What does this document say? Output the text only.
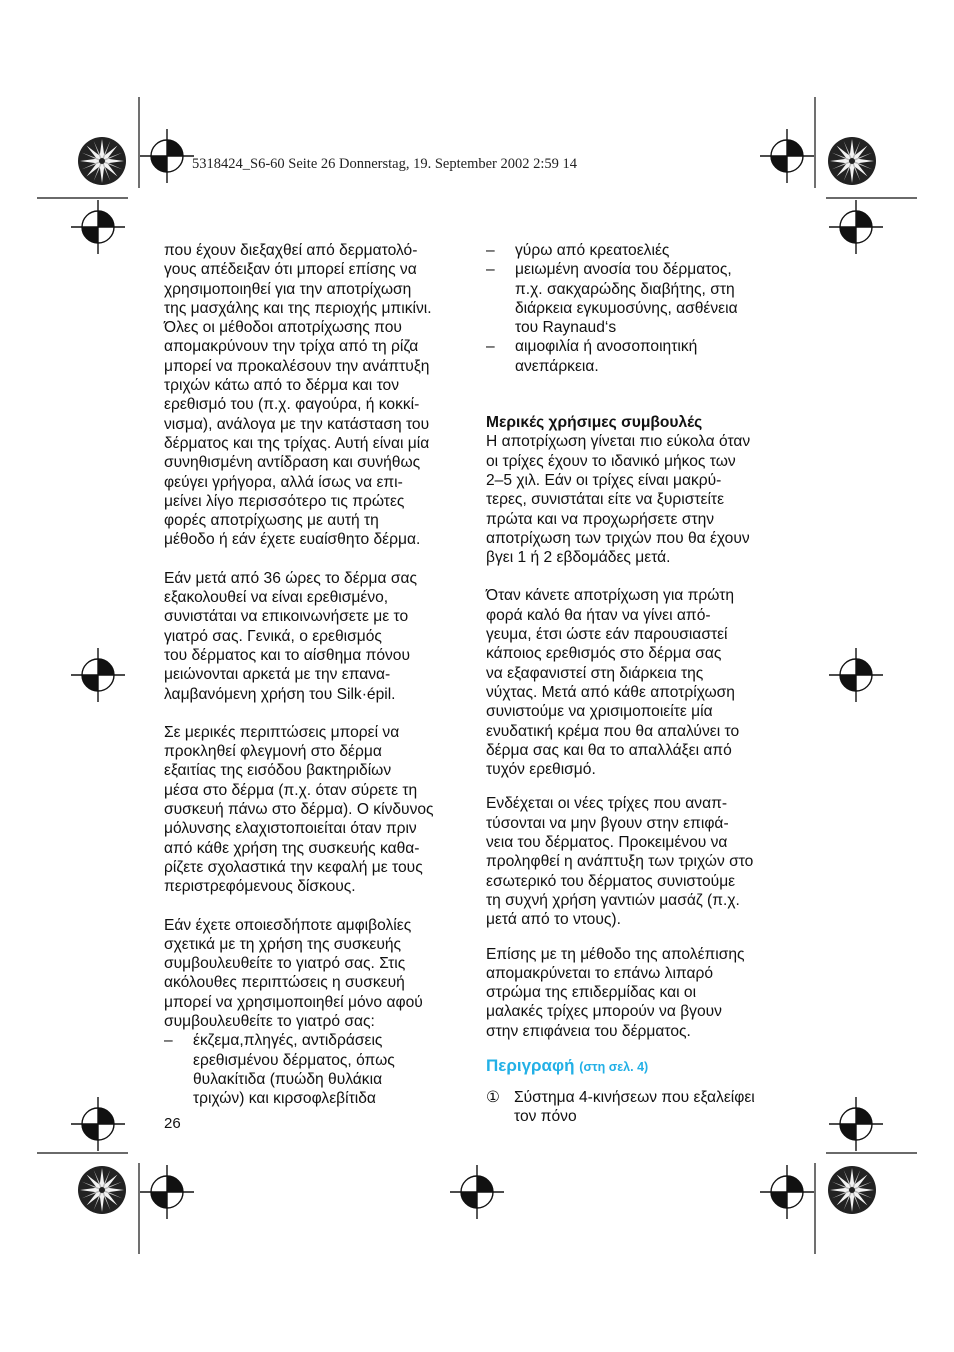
5318424_S6-60 Seite 26 Donnerstag, 19. September 2002 2:59 14

που έχουν διεξαχθεί από δερματολό-
γους απέδειξαν ότι μπορεί επίσης να
χρησιμοποιηθεί για την αποτρίχωση
της μασχάλης και της περιοχής μπικίνι.
Όλες οι μέθοδοι αποτρίχωσης που
απομακρύνουν την τρίχα από τη ρίζα
μπορεί να προκαλέσουν την ανάπτυξη
τριχών κάτω από το δέρμα και τον
ερεθισμό του (π.χ. φαγούρα, ή κοκκί-
νισμα), ανάλογα με την κατάσταση του
δέρματος και της τρίχας. Αυτή είναι μία
συνηθισμένη αντίδραση και συνήθως
φεύγει γρήγορα, αλλά ίσως να επι-
μείνει λίγο περισσότερο τις πρώτες
φορές αποτρίχωσης με αυτή τη
μέθοδο ή εάν έχετε ευαίσθητο δέρμα.

Εάν μετά από 36 ώρες το δέρμα σας
εξακολουθεί να είναι ερεθισμένο,
συνιστάται να επικοινωνήσετε με το
γιατρό σας. Γενικά, ο ερεθισμός
του δέρματος και το αίσθημα πόνου
μειώνονται αρκετά με την επανα-
λαμβανόμενη χρήση του Silk·épil.

Σε μερικές περιπτώσεις μπορεί να
προκληθεί φλεγμονή στο δέρμα
εξαιτίας της εισόδου βακτηριδίων
μέσα στο δέρμα (π.χ. όταν σύρετε τη
συσκευή πάνω στο δέρμα). Ο κίνδυνος
μόλυνσης ελαχιστοποιείται όταν πριν
από κάθε χρήση της συσκευής καθα-
ρίζετε σχολαστικά την κεφαλή με τους
περιστρεφόμενους δίσκους.

Εάν έχετε οποιεσδήποτε αμφιβολίες
σχετικά με τη χρήση της συσκευής
συμβουλευθείτε το γιατρό σας. Στις
ακόλουθες περιπτώσεις η συσκευή
μπορεί να χρησιμοποιηθεί μόνο αφού
συμβουλευθείτε το γιατρό σας:

–	έκζεμα,πληγές, αντιδράσεις
ερεθισμένου δέρματος, όπως
θυλακίτιδα (πυώδη θυλάκια
τριχών) και κιρσοφλεβίτιδα
–	γύρω από κρεατοελιές
–	μειωμένη ανοσία του δέρματος,
π.χ. σακχαρώδης διαβήτης, στη
διάρκεια εγκυμοσύνης, ασθένεια
του Raynaud‘s
–	αιμοφιλία ή ανοσοποιητική
ανεπάρκεια.

Μερικές χρήσιμες συμβουλές

Η αποτρίχωση γίνεται πιο εύκολα όταν
οι τρίχες έχουν το ιδανικό μήκος των
2–5 χιλ. Εάν οι τρίχες είναι μακρύ-
τερες, συνιστάται είτε να ξυριστείτε
πρώτα και να προχωρήσετε στην
αποτρίχωση των τριχών που θα έχουν
βγει 1 ή 2 εβδομάδες μετά.

Όταν κάνετε αποτρίχωση για πρώτη
φορά καλό θα ήταν να γίνει από-
γευμα, έτσι ώστε εάν παρουσιαστεί
κάποιος ερεθισμός στο δέρμα σας
να εξαφανιστεί στη διάρκεια της
νύχτας. Μετά από κάθε αποτρίχωση
συνιστούμε να χρισιμοποιείτε μία
ενυδατική κρέμα που θα απαλύνει το
δέρμα σας και θα το απαλλάξει από
τυχόν ερεθισμό.

Ενδέχεται οι νέες τρίχες που αναπ-
τύσονται να μην βγουν στην επιφά-
νεια του δέρματος. Προκειμένου να
προληφθεί η ανάπτυξη των τριχών στο
εσωτερικό του δέρματος συνιστούμε
τη συχνή χρήση γαντιών μασάζ (π.χ.
μετά από το ντους).

Επίσης με τη μέθοδο της απολέπισης
απομακρύνεται το επάνω λιπαρό
στρώμα της επιδερμίδας και οι
μαλακές τρίχες μπορούν να βγουν
στην επιφάνεια του δέρματος.

Περιγραφή (στη σελ. 4)

① Σύστημα 4-κινήσεων που εξαλείφει
τον πόνο
26
